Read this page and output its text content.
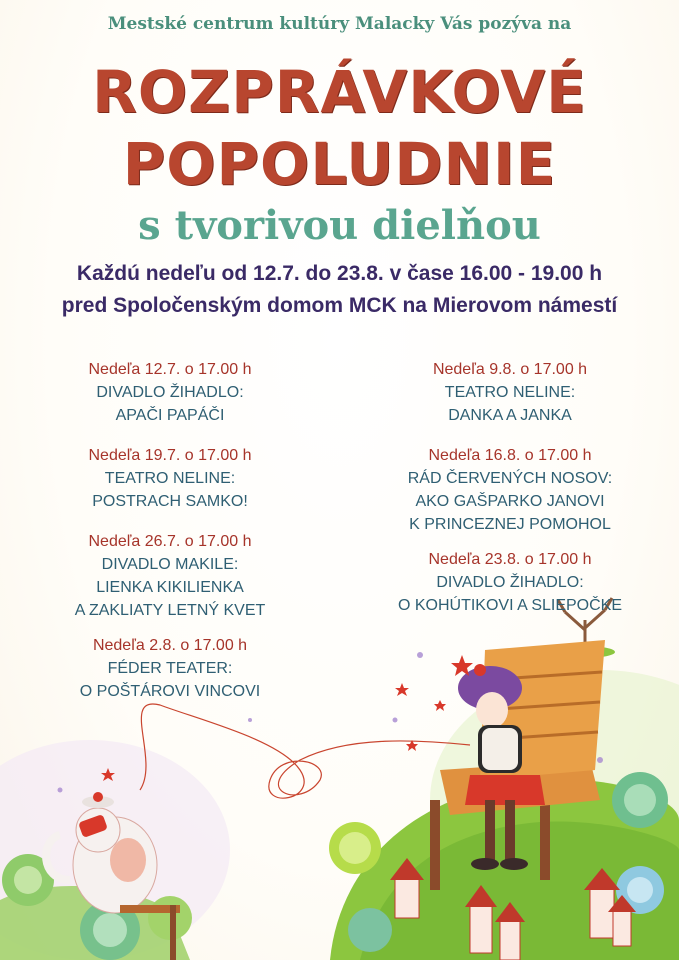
Mestské centrum kultúry Malacky Vás pozýva na
ROZPRÁVKOVÉ
POPOLUDNIE
s tvorivou dielňou
Každú nedeľu od 12.7. do 23.8. v čase 16.00 - 19.00 h
pred Spoločenským domom MCK na Mierovom námestí
Nedeľa 12.7. o 17.00 h
DIVADLO ŽIHADLO:
APAČI PAPÁČI
Nedeľa 19.7. o 17.00 h
TEATRO NELINE:
POSTRACH SAMKO!
Nedeľa 26.7. o 17.00 h
DIVADLO MAKILE:
LIENKA KIKILIENKA
A ZAKLIATY LETNÝ KVET
Nedeľa 2.8. o 17.00 h
FÉDER TEATER:
O POŠTÁROVI VINCOVI
Nedeľa 9.8. o 17.00 h
TEATRO NELINE:
DANKA A JANKA
Nedeľa 16.8. o 17.00 h
RÁD ČERVENÝCH NOSOV:
AKO GAŠPARKO JANOVI
K PRINCEZNEJ POMOHOL
Nedeľa 23.8. o 17.00 h
DIVADLO ŽIHADLO:
O KOHÚTIKOVI A SLIEPOČKE
